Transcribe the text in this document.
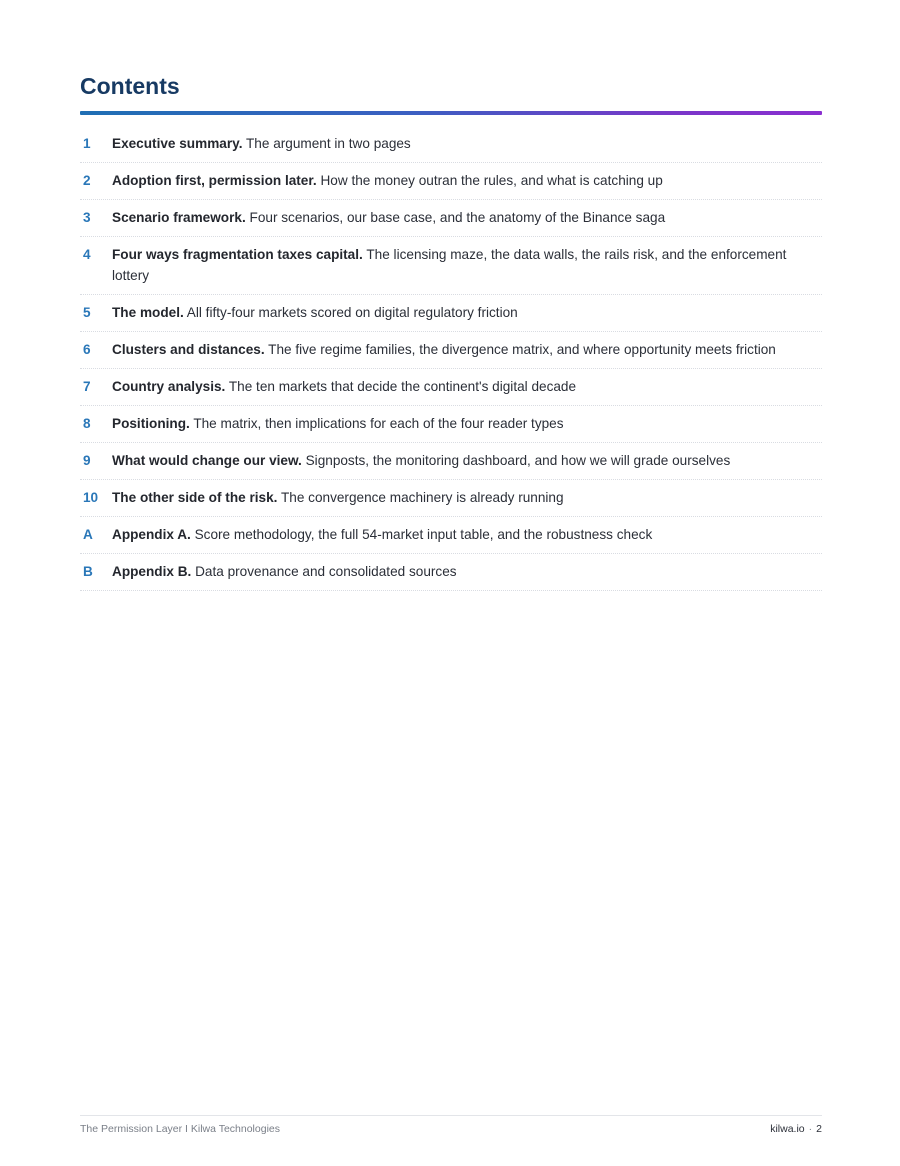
Contents
1	Executive summary. The argument in two pages
2	Adoption first, permission later. How the money outran the rules, and what is catching up
3	Scenario framework. Four scenarios, our base case, and the anatomy of the Binance saga
4	Four ways fragmentation taxes capital. The licensing maze, the data walls, the rails risk, and the enforcement lottery
5	The model. All fifty-four markets scored on digital regulatory friction
6	Clusters and distances. The five regime families, the divergence matrix, and where opportunity meets friction
7	Country analysis. The ten markets that decide the continent's digital decade
8	Positioning. The matrix, then implications for each of the four reader types
9	What would change our view. Signposts, the monitoring dashboard, and how we will grade ourselves
10	The other side of the risk. The convergence machinery is already running
A	Appendix A. Score methodology, the full 54-market input table, and the robustness check
B	Appendix B. Data provenance and consolidated sources
The Permission Layer I Kilwa Technologies	kilwa.io · 2
